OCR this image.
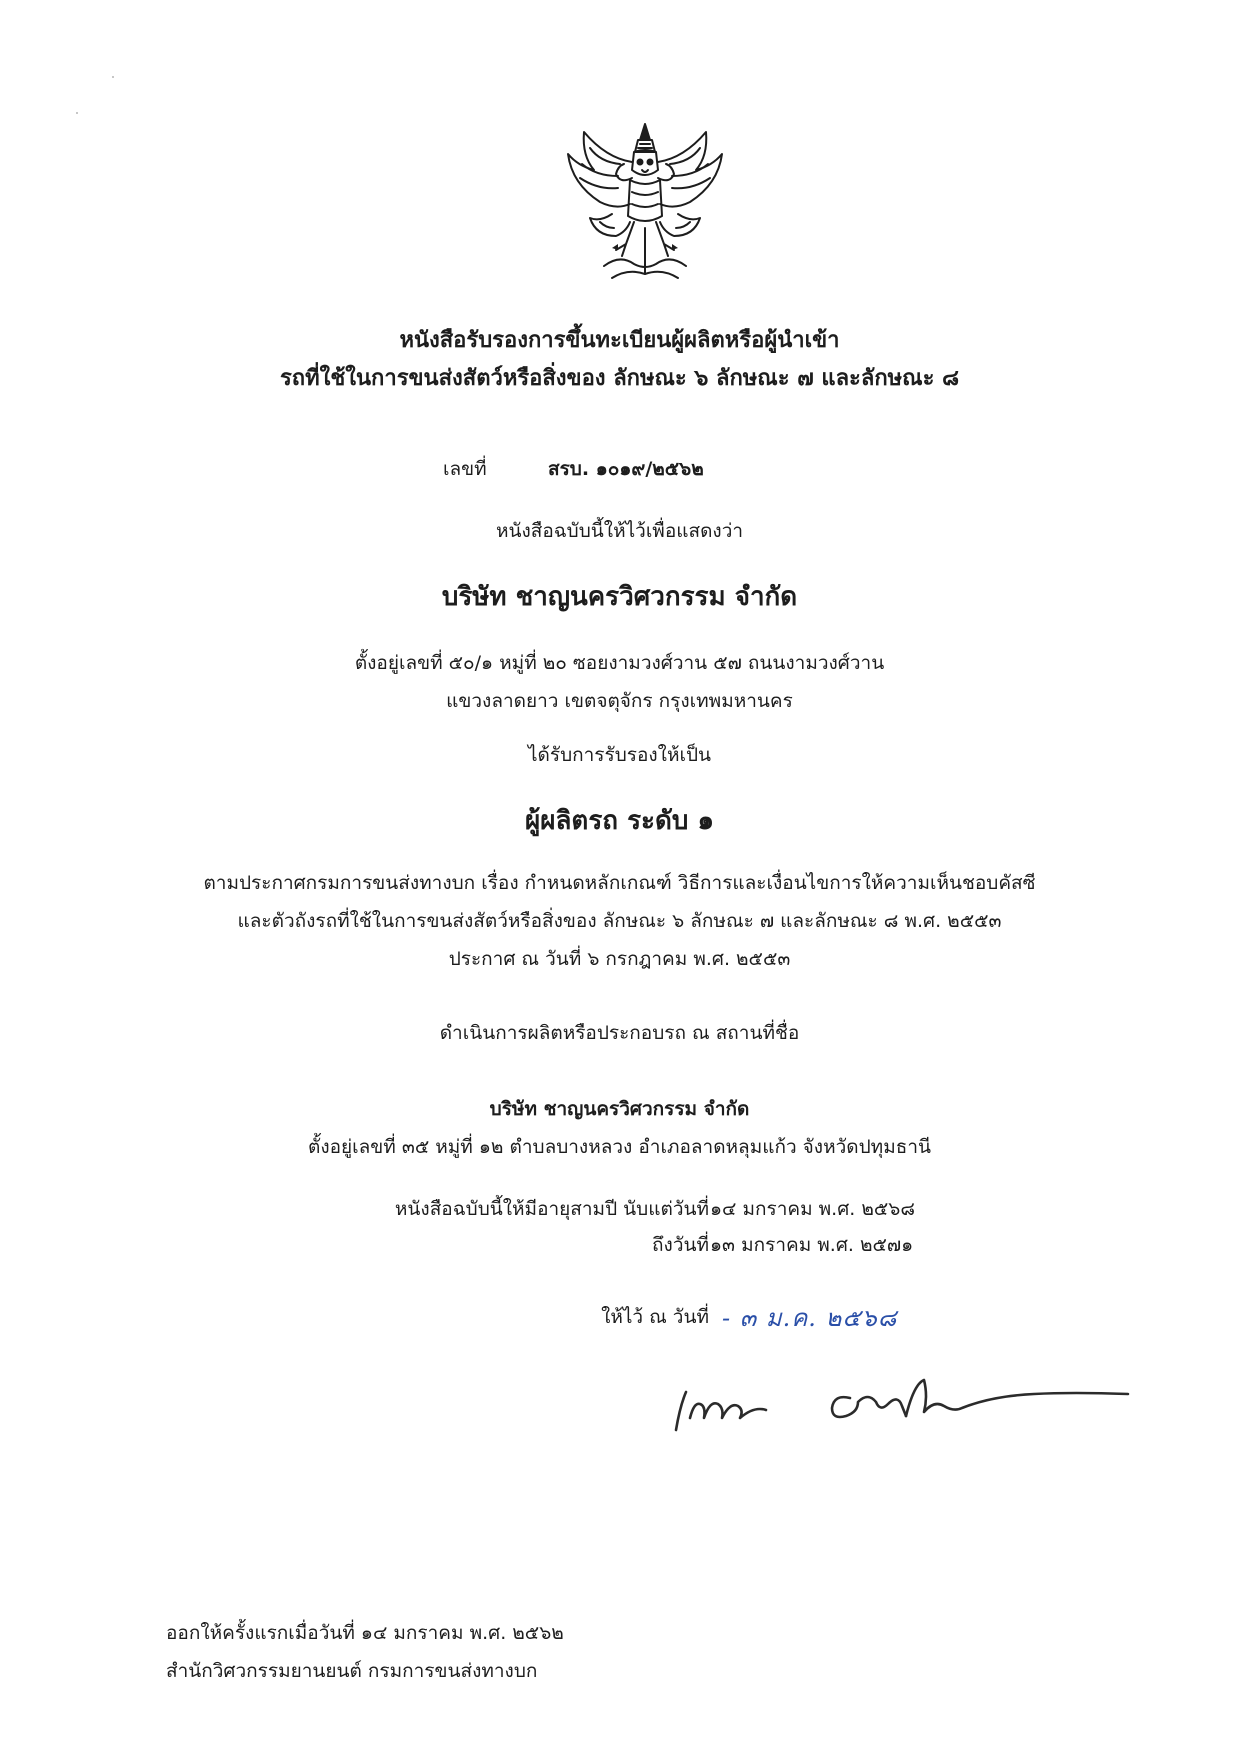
หนังสือรับรองการขึ้นทะเบียนผู้ผลิตหรือผู้นำเข้า
รถที่ใช้ในการขนส่งสัตว์หรือสิ่งของ ลักษณะ ๖ ลักษณะ ๗ และลักษณะ ๘
เลขที่	สรบ. ๑๐๑๙/๒๕๖๒
หนังสือฉบับนี้ให้ไว้เพื่อแสดงว่า
บริษัท ชาญนครวิศวกรรม จำกัด
ตั้งอยู่เลขที่ ๕๐/๑ หมู่ที่ ๒๐ ซอยงามวงศ์วาน ๕๗ ถนนงามวงศ์วาน
แขวงลาดยาว เขตจตุจักร กรุงเทพมหานคร
ได้รับการรับรองให้เป็น
ผู้ผลิตรถ ระดับ ๑
ตามประกาศกรมการขนส่งทางบก เรื่อง กำหนดหลักเกณฑ์ วิธีการและเงื่อนไขการให้ความเห็นชอบคัสซี
และตัวถังรถที่ใช้ในการขนส่งสัตว์หรือสิ่งของ ลักษณะ ๖ ลักษณะ ๗ และลักษณะ ๘ พ.ศ. ๒๕๕๓
ประกาศ ณ วันที่ ๖ กรกฎาคม พ.ศ. ๒๕๕๓
ดำเนินการผลิตหรือประกอบรถ ณ สถานที่ชื่อ
บริษัท ชาญนครวิศวกรรม จำกัด
ตั้งอยู่เลขที่ ๓๕ หมู่ที่ ๑๒ ตำบลบางหลวง อำเภอลาดหลุมแก้ว จังหวัดปทุมธานี
หนังสือฉบับนี้ให้มีอายุสามปี นับแต่วันที่ ๑๔ มกราคม พ.ศ. ๒๕๖๘
ถึงวันที่ ๑๓ มกราคม พ.ศ. ๒๕๗๑
ให้ไว้ ณ วันที่ - ๓ ม.ค. ๒๕๖๘
ออกให้ครั้งแรกเมื่อวันที่ ๑๔ มกราคม พ.ศ. ๒๕๖๒
สำนักวิศวกรรมยานยนต์ กรมการขนส่งทางบก
